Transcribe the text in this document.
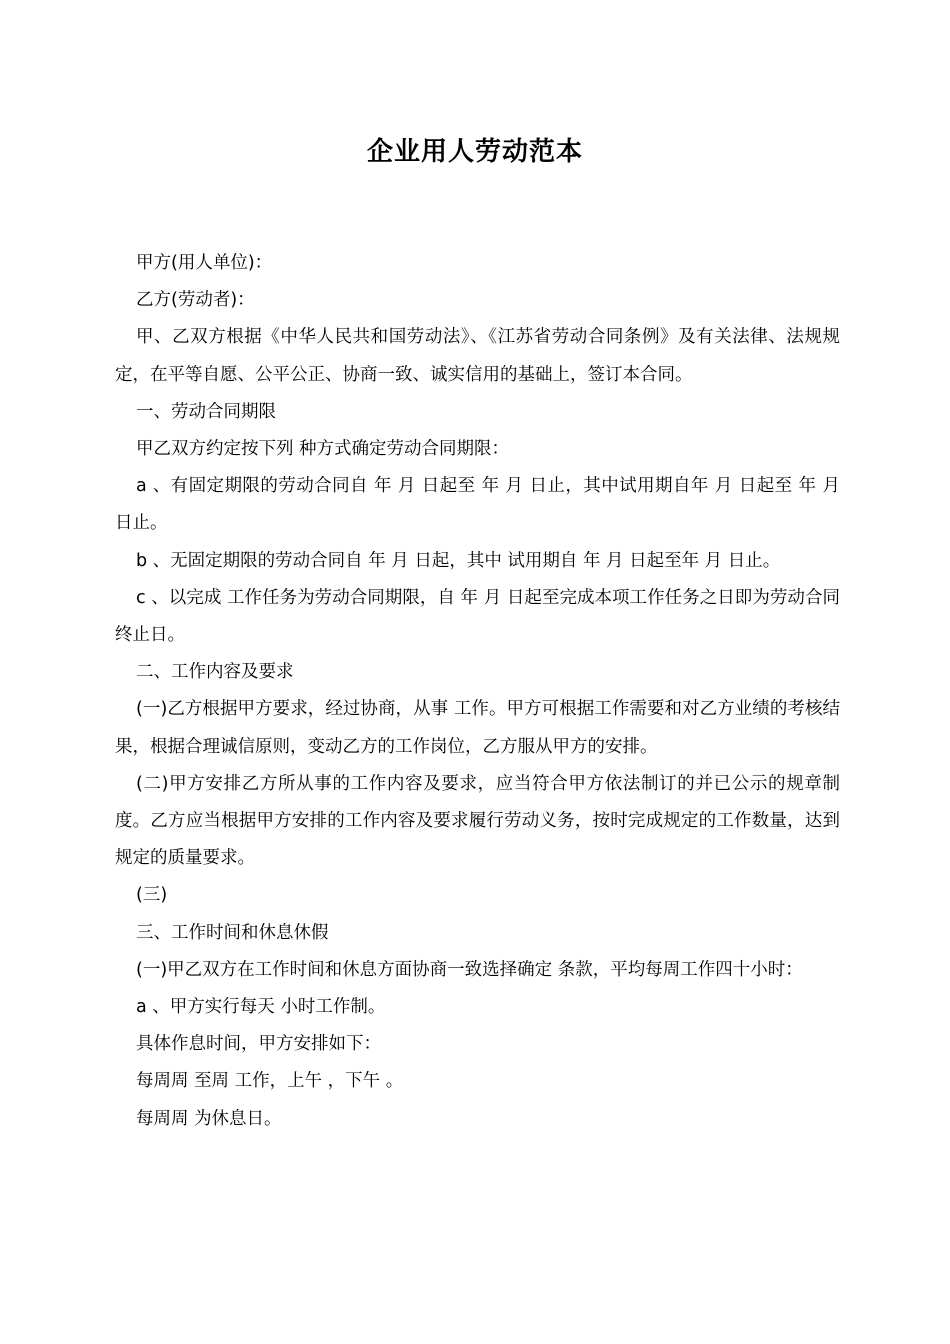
企业用人劳动范本

甲方(用人单位)：

乙方(劳动者)：

甲、乙双方根据《中华人民共和国劳动法》、《江苏省劳动合同条例》及有关法律、法规规定，在平等自愿、公平公正、协商一致、诚实信用的基础上，签订本合同。

一、劳动合同期限

甲乙双方约定按下列 种方式确定劳动合同期限：

a 、有固定期限的劳动合同自 年 月 日起至 年 月 日止，其中试用期自年 月 日起至 年 月 日止。

b 、无固定期限的劳动合同自 年 月 日起，其中 试用期自 年 月 日起至年 月 日止。

c 、以完成 工作任务为劳动合同期限，自 年 月 日起至完成本项工作任务之日即为劳动合同终止日。

二、工作内容及要求

(一)乙方根据甲方要求，经过协商，从事 工作。甲方可根据工作需要和对乙方业绩的考核结果，根据合理诚信原则，变动乙方的工作岗位，乙方服从甲方的安排。

(二)甲方安排乙方所从事的工作内容及要求，应当符合甲方依法制订的并已公示的规章制度。乙方应当根据甲方安排的工作内容及要求履行劳动义务，按时完成规定的工作数量，达到规定的质量要求。

(三)

三、工作时间和休息休假

(一)甲乙双方在工作时间和休息方面协商一致选择确定 条款，平均每周工作四十小时：

a 、甲方实行每天 小时工作制。

具体作息时间，甲方安排如下：

每周周 至周 工作，上午 ，下午 。

每周周 为休息日。
